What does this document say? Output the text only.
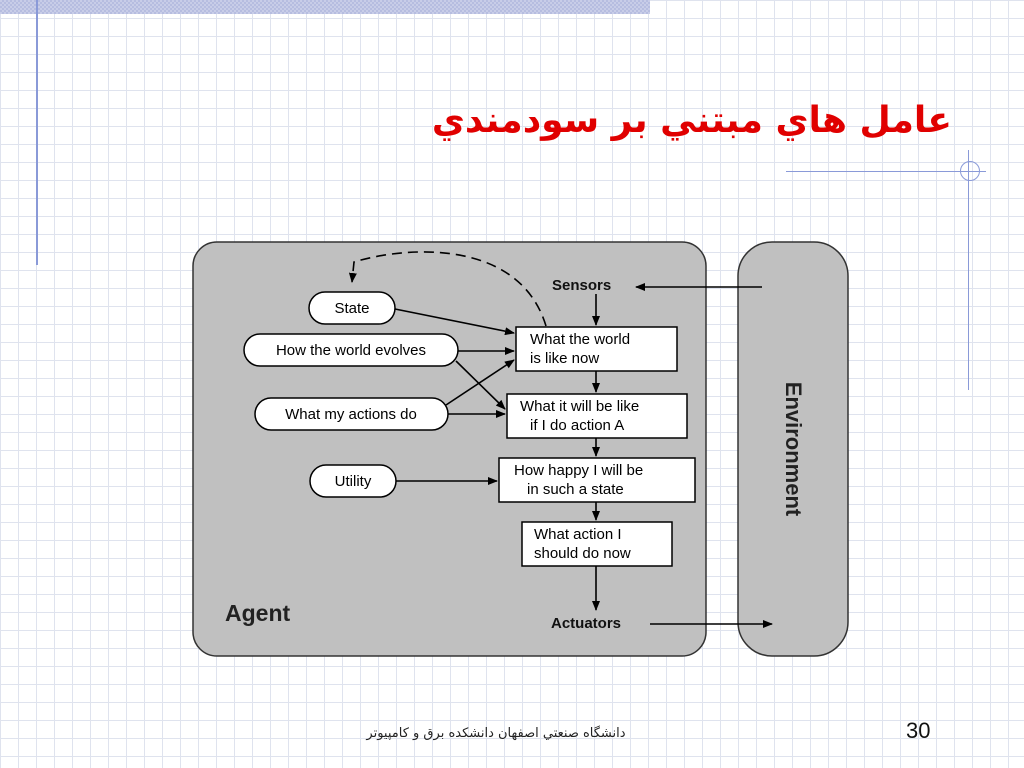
عامل هاي مبتني بر سودمندي
Environment
Agent
Sensors
Actuators
State
How the world evolves
What my actions do
Utility
What the world
is like now
What it will be like
if I do action A
How happy I will be
in such a state
What action I
should do now
دانشگاه صنعتي اصفهان دانشكده برق و كامپيوتر	30
